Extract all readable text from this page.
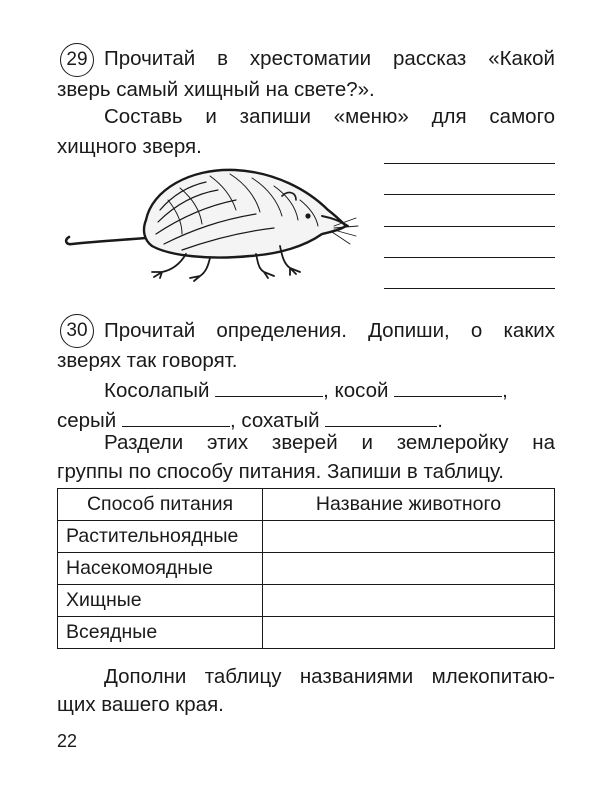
29 Прочитай в хрестоматии рассказ «Какой
зверь самый хищный на свете?».
Составь и запиши «меню» для самого
хищного зверя.
30 Прочитай определения. Допиши, о каких
зверях так говорят.
Косолапый	, косой	,
серый	, сохатый	.
Раздели этих зверей и землеройку на
группы по способу питания. Запиши в таблицу.
Способ питания	Название животного
Растительноядные	
Насекомоядные	
Хищные	
Всеядные	
Дополни таблицу названиями млекопитаю-
щих вашего края.
22
